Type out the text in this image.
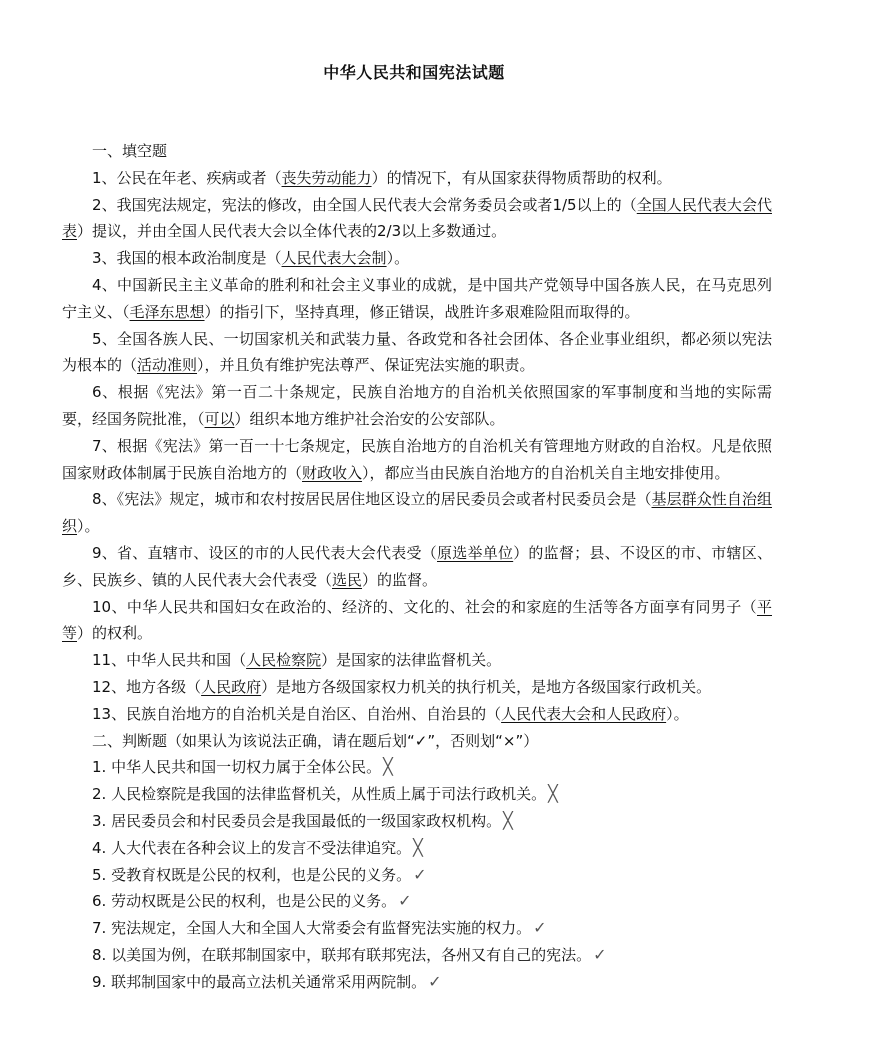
中华人民共和国宪法试题

一、填空题

1、公民在年老、疾病或者（丧失劳动能力）的情况下，有从国家获得物质帮助的权利。

2、我国宪法规定，宪法的修改，由全国人民代表大会常务委员会或者1/5以上的（全国人民代表大会代表）提议，并由全国人民代表大会以全体代表的2/3以上多数通过。

3、我国的根本政治制度是（人民代表大会制）。

4、中国新民主主义革命的胜利和社会主义事业的成就，是中国共产党领导中国各族人民，在马克思列宁主义、（毛泽东思想）的指引下，坚持真理，修正错误，战胜许多艰难险阻而取得的。

5、全国各族人民、一切国家机关和武装力量、各政党和各社会团体、各企业事业组织，都必须以宪法为根本的（活动准则），并且负有维护宪法尊严、保证宪法实施的职责。

6、根据《宪法》第一百二十条规定，民族自治地方的自治机关依照国家的军事制度和当地的实际需要，经国务院批准，（可以）组织本地方维护社会治安的公安部队。

7、根据《宪法》第一百一十七条规定，民族自治地方的自治机关有管理地方财政的自治权。凡是依照国家财政体制属于民族自治地方的（财政收入），都应当由民族自治地方的自治机关自主地安排使用。

8、《宪法》规定，城市和农村按居民居住地区设立的居民委员会或者村民委员会是（基层群众性自治组织）。

9、省、直辖市、设区的市的人民代表大会代表受（原选举单位）的监督；县、不设区的市、市辖区、乡、民族乡、镇的人民代表大会代表受（选民）的监督。

10、中华人民共和国妇女在政治的、经济的、文化的、社会的和家庭的生活等各方面享有同男子（平等）的权利。

11、中华人民共和国（人民检察院）是国家的法律监督机关。

12、地方各级（人民政府）是地方各级国家权力机关的执行机关，是地方各级国家行政机关。

13、民族自治地方的自治机关是自治区、自治州、自治县的（人民代表大会和人民政府）。

二、判断题（如果认为该说法正确，请在题后划“✓”，否则划“×”）

1. 中华人民共和国一切权力属于全体公民。 ╳

2. 人民检察院是我国的法律监督机关，从性质上属于司法行政机关。 ╳

3. 居民委员会和村民委员会是我国最低的一级国家政权机构。 ╳

4. 人大代表在各种会议上的发言不受法律追究。 ╳

5. 受教育权既是公民的权利，也是公民的义务。 ✓

6. 劳动权既是公民的权利，也是公民的义务。 ✓

7. 宪法规定，全国人大和全国人大常委会有监督宪法实施的权力。 ✓

8. 以美国为例，在联邦制国家中，联邦有联邦宪法，各州又有自己的宪法。 ✓

9. 联邦制国家中的最高立法机关通常采用两院制。 ✓
